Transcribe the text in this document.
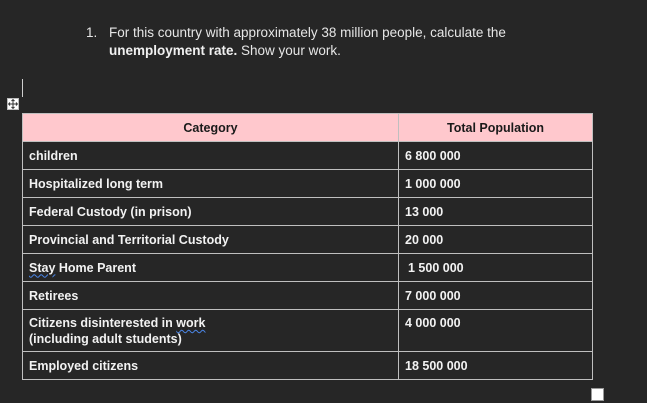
1. For this country with approximately 38 million people, calculate the
unemployment rate. Show your work.
Category	Total Population
children	6 800 000
Hospitalized long term	1 000 000
Federal Custody (in prison)	13 000
Provincial and Territorial Custody	20 000
Stay Home Parent	1 500 000
Retirees	7 000 000
Citizens disinterested in work
(including adult students)	4 000 000
Employed citizens	18 500 000
